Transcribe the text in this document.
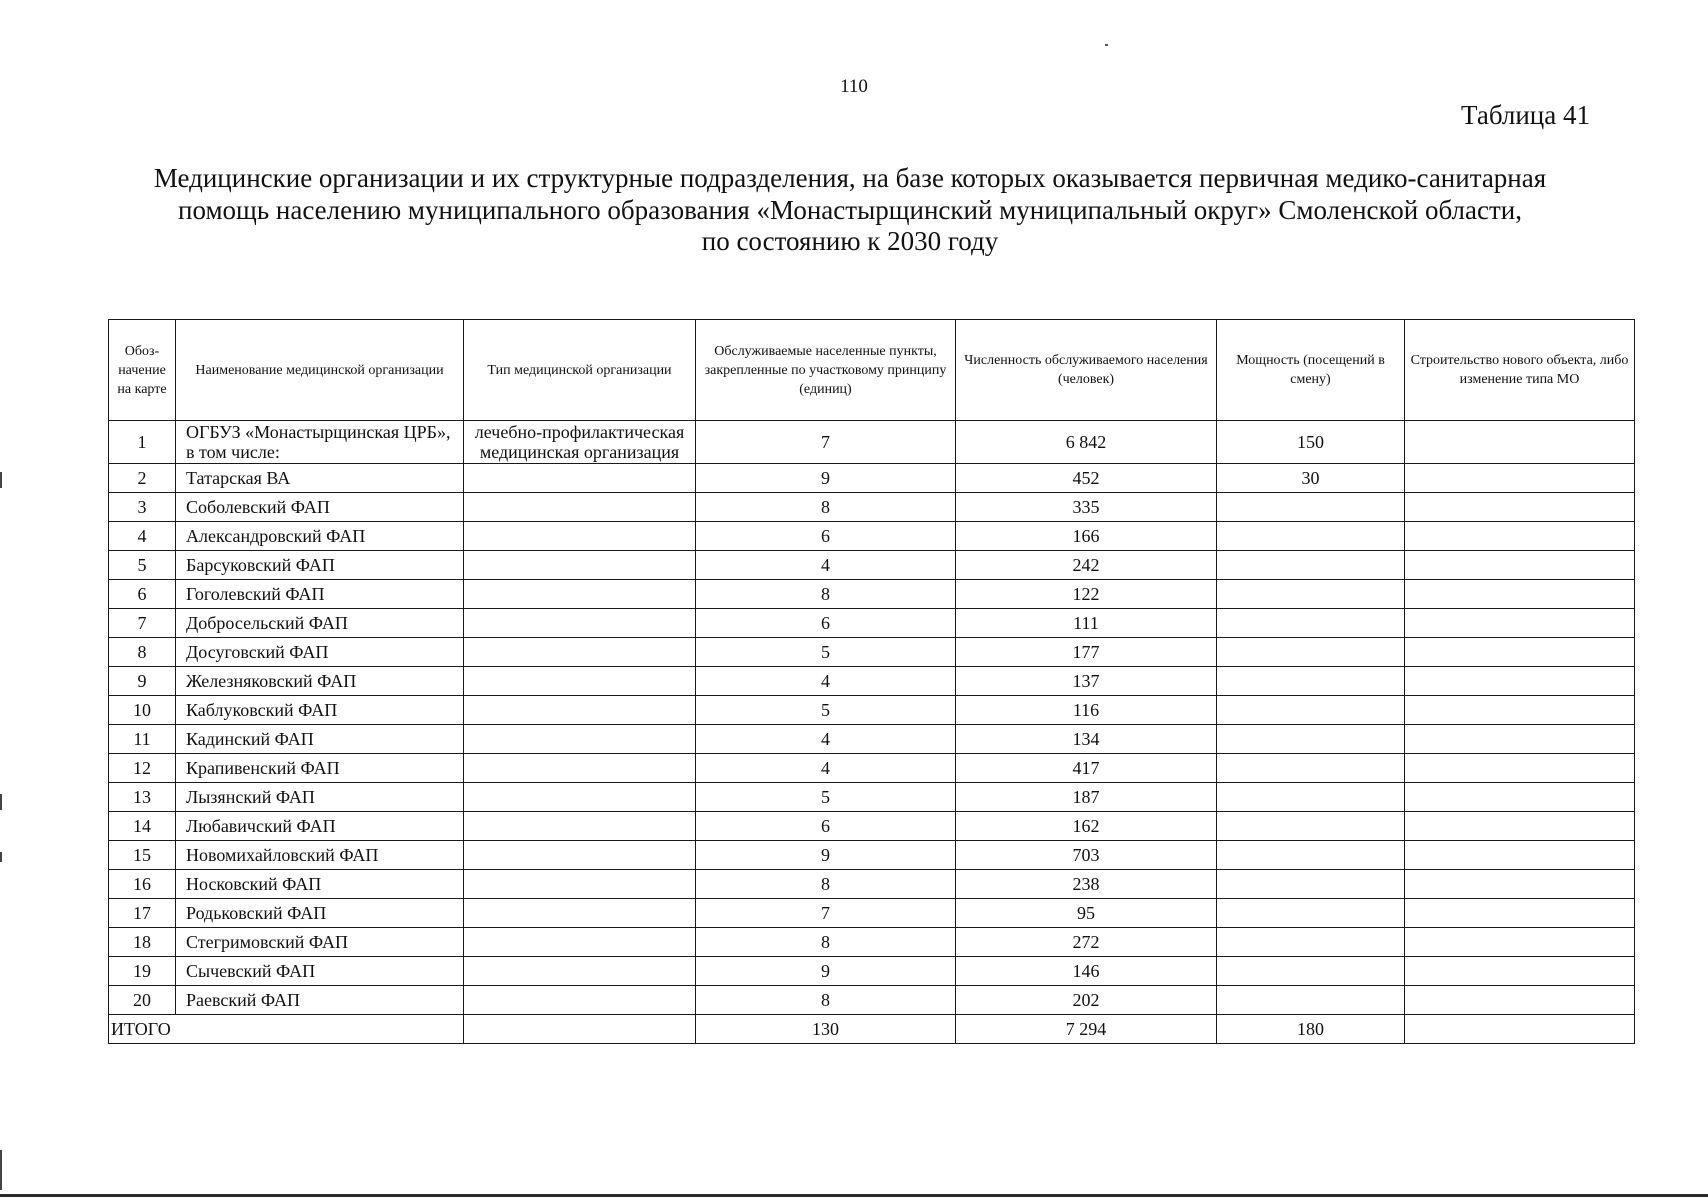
110
Таблица 41
Медицинские организации и их структурные подразделения, на базе которых оказывается первичная медико-санитарная
помощь населению муниципального образования «Монастырщинский муниципальный округ» Смоленской области,
по состоянию к 2030 году
Обоз-начение на карте	Наименование медицинской организации	Тип медицинской организации	Обслуживаемые населенные пункты, закрепленные по участковому принципу (единиц)	Численность обслуживаемого населения (человек)	Мощность (посещений в смену)	Строительство нового объекта, либо изменение типа МО
1	ОГБУЗ «Монастырщинская ЦРБ», в том числе:	лечебно-профилактическая медицинская организация	7	6 842	150	
2	Татарская ВА		9	452	30	
3	Соболевский ФАП		8	335		
4	Александровский ФАП		6	166		
5	Барсуковский ФАП		4	242		
6	Гоголевский ФАП		8	122		
7	Добросельский ФАП		6	111		
8	Досуговский ФАП		5	177		
9	Железняковский ФАП		4	137		
10	Каблуковский ФАП		5	116		
11	Кадинский ФАП		4	134		
12	Крапивенский ФАП		4	417		
13	Лызянский ФАП		5	187		
14	Любавичский ФАП		6	162		
15	Новомихайловский ФАП		9	703		
16	Носковский ФАП		8	238		
17	Родьковский ФАП		7	95		
18	Стегримовский ФАП		8	272		
19	Сычевский ФАП		9	146		
20	Раевский ФАП		8	202		
ИТОГО			130	7 294	180	
